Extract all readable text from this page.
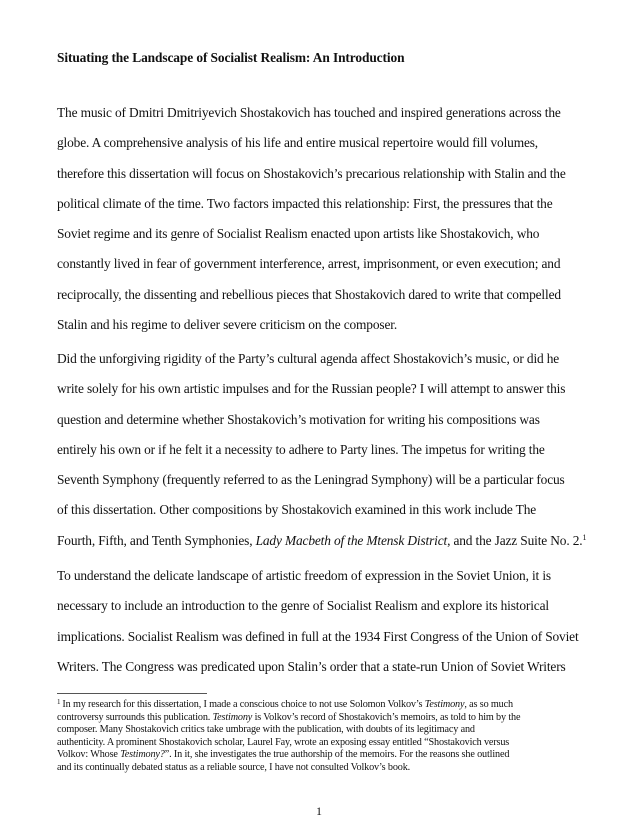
Situating the Landscape of Socialist Realism: An Introduction
The music of Dmitri Dmitriyevich Shostakovich has touched and inspired generations across the
globe. A comprehensive analysis of his life and entire musical repertoire would fill volumes,
therefore this dissertation will focus on Shostakovich’s precarious relationship with Stalin and the
political climate of the time. Two factors impacted this relationship: First, the pressures that the
Soviet regime and its genre of Socialist Realism enacted upon artists like Shostakovich, who
constantly lived in fear of government interference, arrest, imprisonment, or even execution; and
reciprocally, the dissenting and rebellious pieces that Shostakovich dared to write that compelled
Stalin and his regime to deliver severe criticism on the composer.
Did the unforgiving rigidity of the Party’s cultural agenda affect Shostakovich’s music, or did he
write solely for his own artistic impulses and for the Russian people? I will attempt to answer this
question and determine whether Shostakovich’s motivation for writing his compositions was
entirely his own or if he felt it a necessity to adhere to Party lines. The impetus for writing the
Seventh Symphony (frequently referred to as the Leningrad Symphony) will be a particular focus
of this dissertation. Other compositions by Shostakovich examined in this work include The
Fourth, Fifth, and Tenth Symphonies, Lady Macbeth of the Mtensk District, and the Jazz Suite No. 2.$^1$
To understand the delicate landscape of artistic freedom of expression in the Soviet Union, it is
necessary to include an introduction to the genre of Socialist Realism and explore its historical
implications. Socialist Realism was defined in full at the 1934 First Congress of the Union of Soviet
Writers. The Congress was predicated upon Stalin’s order that a state-run Union of Soviet Writers
$^1$ In my research for this dissertation, I made a conscious choice to not use Solomon Volkov’s Testimony, as so much
controversy surrounds this publication. Testimony is Volkov’s record of Shostakovich’s memoirs, as told to him by the
composer. Many Shostakovich critics take umbrage with the publication, with doubts of its legitimacy and
authenticity. A prominent Shostakovich scholar, Laurel Fay, wrote an exposing essay entitled “Shostakovich versus
Volkov: Whose Testimony?”. In it, she investigates the true authorship of the memoirs. For the reasons she outlined
and its continually debated status as a reliable source, I have not consulted Volkov’s book.
1
